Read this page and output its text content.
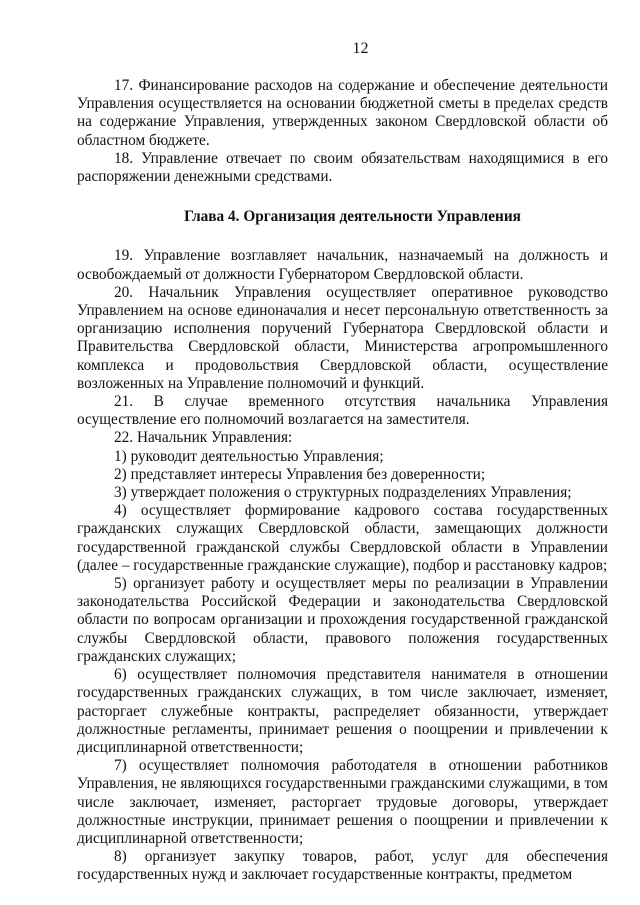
12

17. Финансирование расходов на содержание и обеспечение деятельности Управления осуществляется на основании бюджетной сметы в пределах средств на содержание Управления, утвержденных законом Свердловской области об областном бюджете.

18. Управление отвечает по своим обязательствам находящимися в его распоряжении денежными средствами.

Глава 4. Организация деятельности Управления

19. Управление возглавляет начальник, назначаемый на должность и освобождаемый от должности Губернатором Свердловской области.

20. Начальник Управления осуществляет оперативное руководство Управлением на основе единоначалия и несет персональную ответственность за организацию исполнения поручений Губернатора Свердловской области и Правительства Свердловской области, Министерства агропромышленного комплекса и продовольствия Свердловской области, осуществление возложенных на Управление полномочий и функций.

21. В случае временного отсутствия начальника Управления осуществление его полномочий возлагается на заместителя.

22. Начальник Управления:

1) руководит деятельностью Управления;

2) представляет интересы Управления без доверенности;

3) утверждает положения о структурных подразделениях Управления;

4) осуществляет формирование кадрового состава государственных гражданских служащих Свердловской области, замещающих должности государственной гражданской службы Свердловской области в Управлении (далее – государственные гражданские служащие), подбор и расстановку кадров;

5) организует работу и осуществляет меры по реализации в Управлении законодательства Российской Федерации и законодательства Свердловской области по вопросам организации и прохождения государственной гражданской службы Свердловской области, правового положения государственных гражданских служащих;

6) осуществляет полномочия представителя нанимателя в отношении государственных гражданских служащих, в том числе заключает, изменяет, расторгает служебные контракты, распределяет обязанности, утверждает должностные регламенты, принимает решения о поощрении и привлечении к дисциплинарной ответственности;

7) осуществляет полномочия работодателя в отношении работников Управления, не являющихся государственными гражданскими служащими, в том числе заключает, изменяет, расторгает трудовые договоры, утверждает должностные инструкции, принимает решения о поощрении и привлечении к дисциплинарной ответственности;

8) организует закупку товаров, работ, услуг для обеспечения государственных нужд и заключает государственные контракты, предметом
